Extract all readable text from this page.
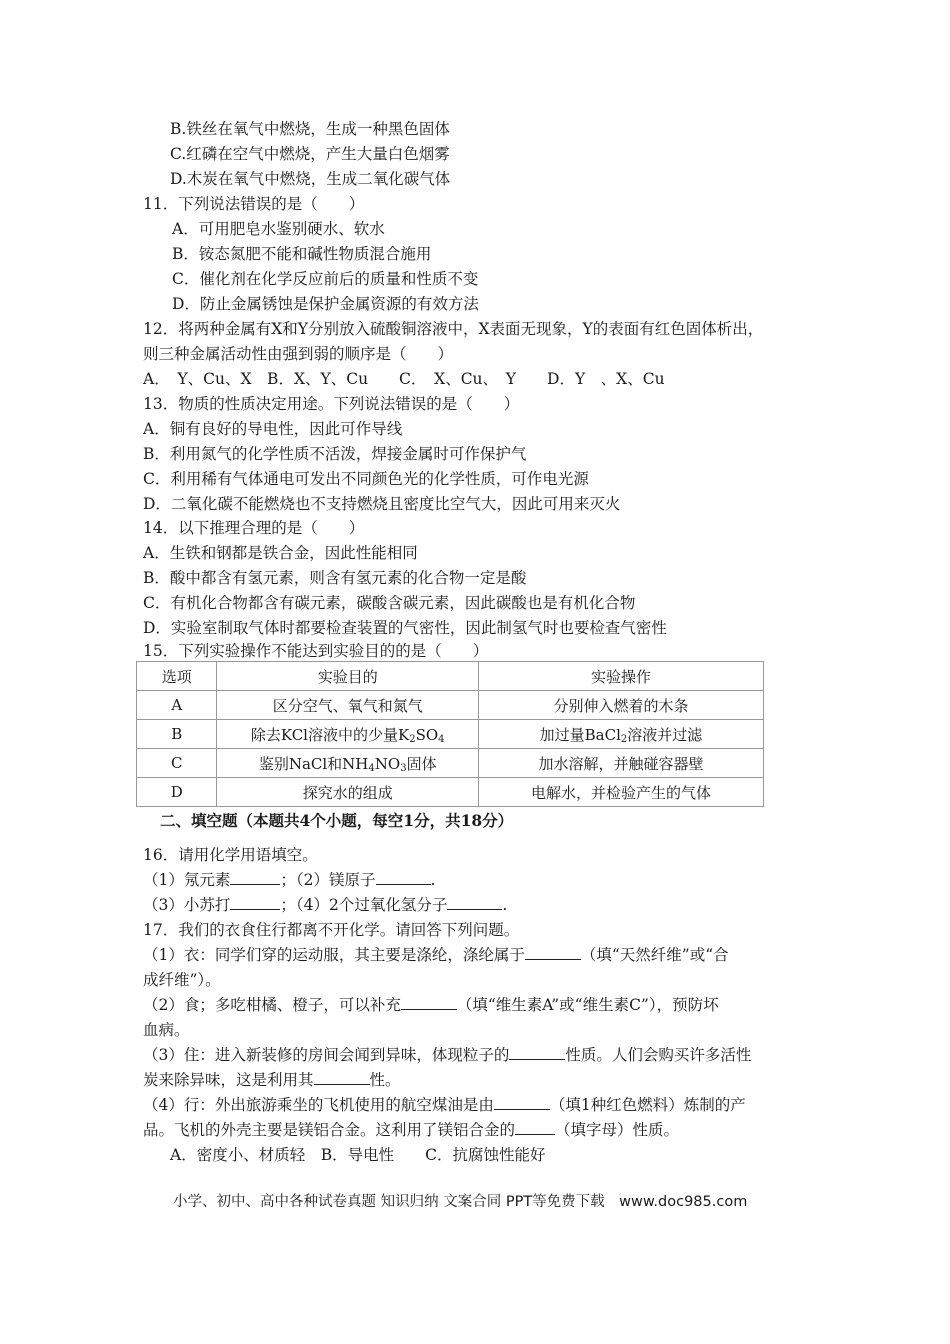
B.铁丝在氧气中燃烧，生成一种黑色固体
C.红磷在空气中燃烧，产生大量白色烟雾
D.木炭在氧气中燃烧，生成二氧化碳气体
11．下列说法错误的是（　　）
A．可用肥皂水鉴别硬水、软水
B．铵态氮肥不能和碱性物质混合施用
C．催化剂在化学反应前后的质量和性质不变
D．防止金属锈蚀是保护金属资源的有效方法
12．将两种金属有X和Y分别放入硫酸铜溶液中，X表面无现象，Y的表面有红色固体析出，
则三种金属活动性由强到弱的顺序是（　　）
A．　Y、Cu、X　B．X、Y、Cu　　C．　X、Cu、　Y　　D．Y　、X、Cu
13．物质的性质决定用途。下列说法错误的是（　　）
A．铜有良好的导电性，因此可作导线
B．利用氮气的化学性质不活泼，焊接金属时可作保护气
C．利用稀有气体通电可发出不同颜色光的化学性质，可作电光源
D．二氧化碳不能燃烧也不支持燃烧且密度比空气大，因此可用来灭火
14．以下推理合理的是（　　）
A．生铁和钢都是铁合金，因此性能相同
B．酸中都含有氢元素，则含有氢元素的化合物一定是酸
C．有机化合物都含有碳元素，碳酸含碳元素，因此碳酸也是有机化合物
D．实验室制取气体时都要检查装置的气密性，因此制氢气时也要检查气密性
15．下列实验操作不能达到实验目的的是（　　）
选项	实验目的	实验操作
A	区分空气、氧气和氮气	分别伸入燃着的木条
B	除去KCl溶液中的少量$K_2SO_4$	加过量BaCl$_2$溶液并过滤
C	鉴别NaCl和$NH_4NO_3$固体	加水溶解，并触碰容器壁
D	探究水的组成	电解水，并检验产生的气体
二、填空题（本题共4个小题，每空1分，共18分）
16．请用化学用语填空。
（1）氖元素	；（2）镁原子	.
（3）小苏打	；（4）2个过氧化氢分子	.
17．我们的衣食住行都离不开化学。请回答下列问题。
（1）衣：同学们穿的运动服，其主要是涤纶，涤纶属于	（填“天然纤维”或“合
成纤维”）。
（2）食；多吃柑橘、橙子，可以补充	（填“维生素A”或“维生素C”），预防坏
血病。
（3）住：进入新装修的房间会闻到异味，体现粒子的	性质。人们会购买许多活性
炭来除异味，这是利用其	性。
（4）行：外出旅游乘坐的飞机使用的航空煤油是由	（填1种红色燃料）炼制的产
品。飞机的外壳主要是镁铝合金。这利用了镁铝合金的	（填字母）性质。
A．密度小、材质轻　B．导电性　　C．抗腐蚀性能好
小学、初中、高中各种试卷真题 知识归纳 文案合同 PPT等免费下载　www.doc985.com
